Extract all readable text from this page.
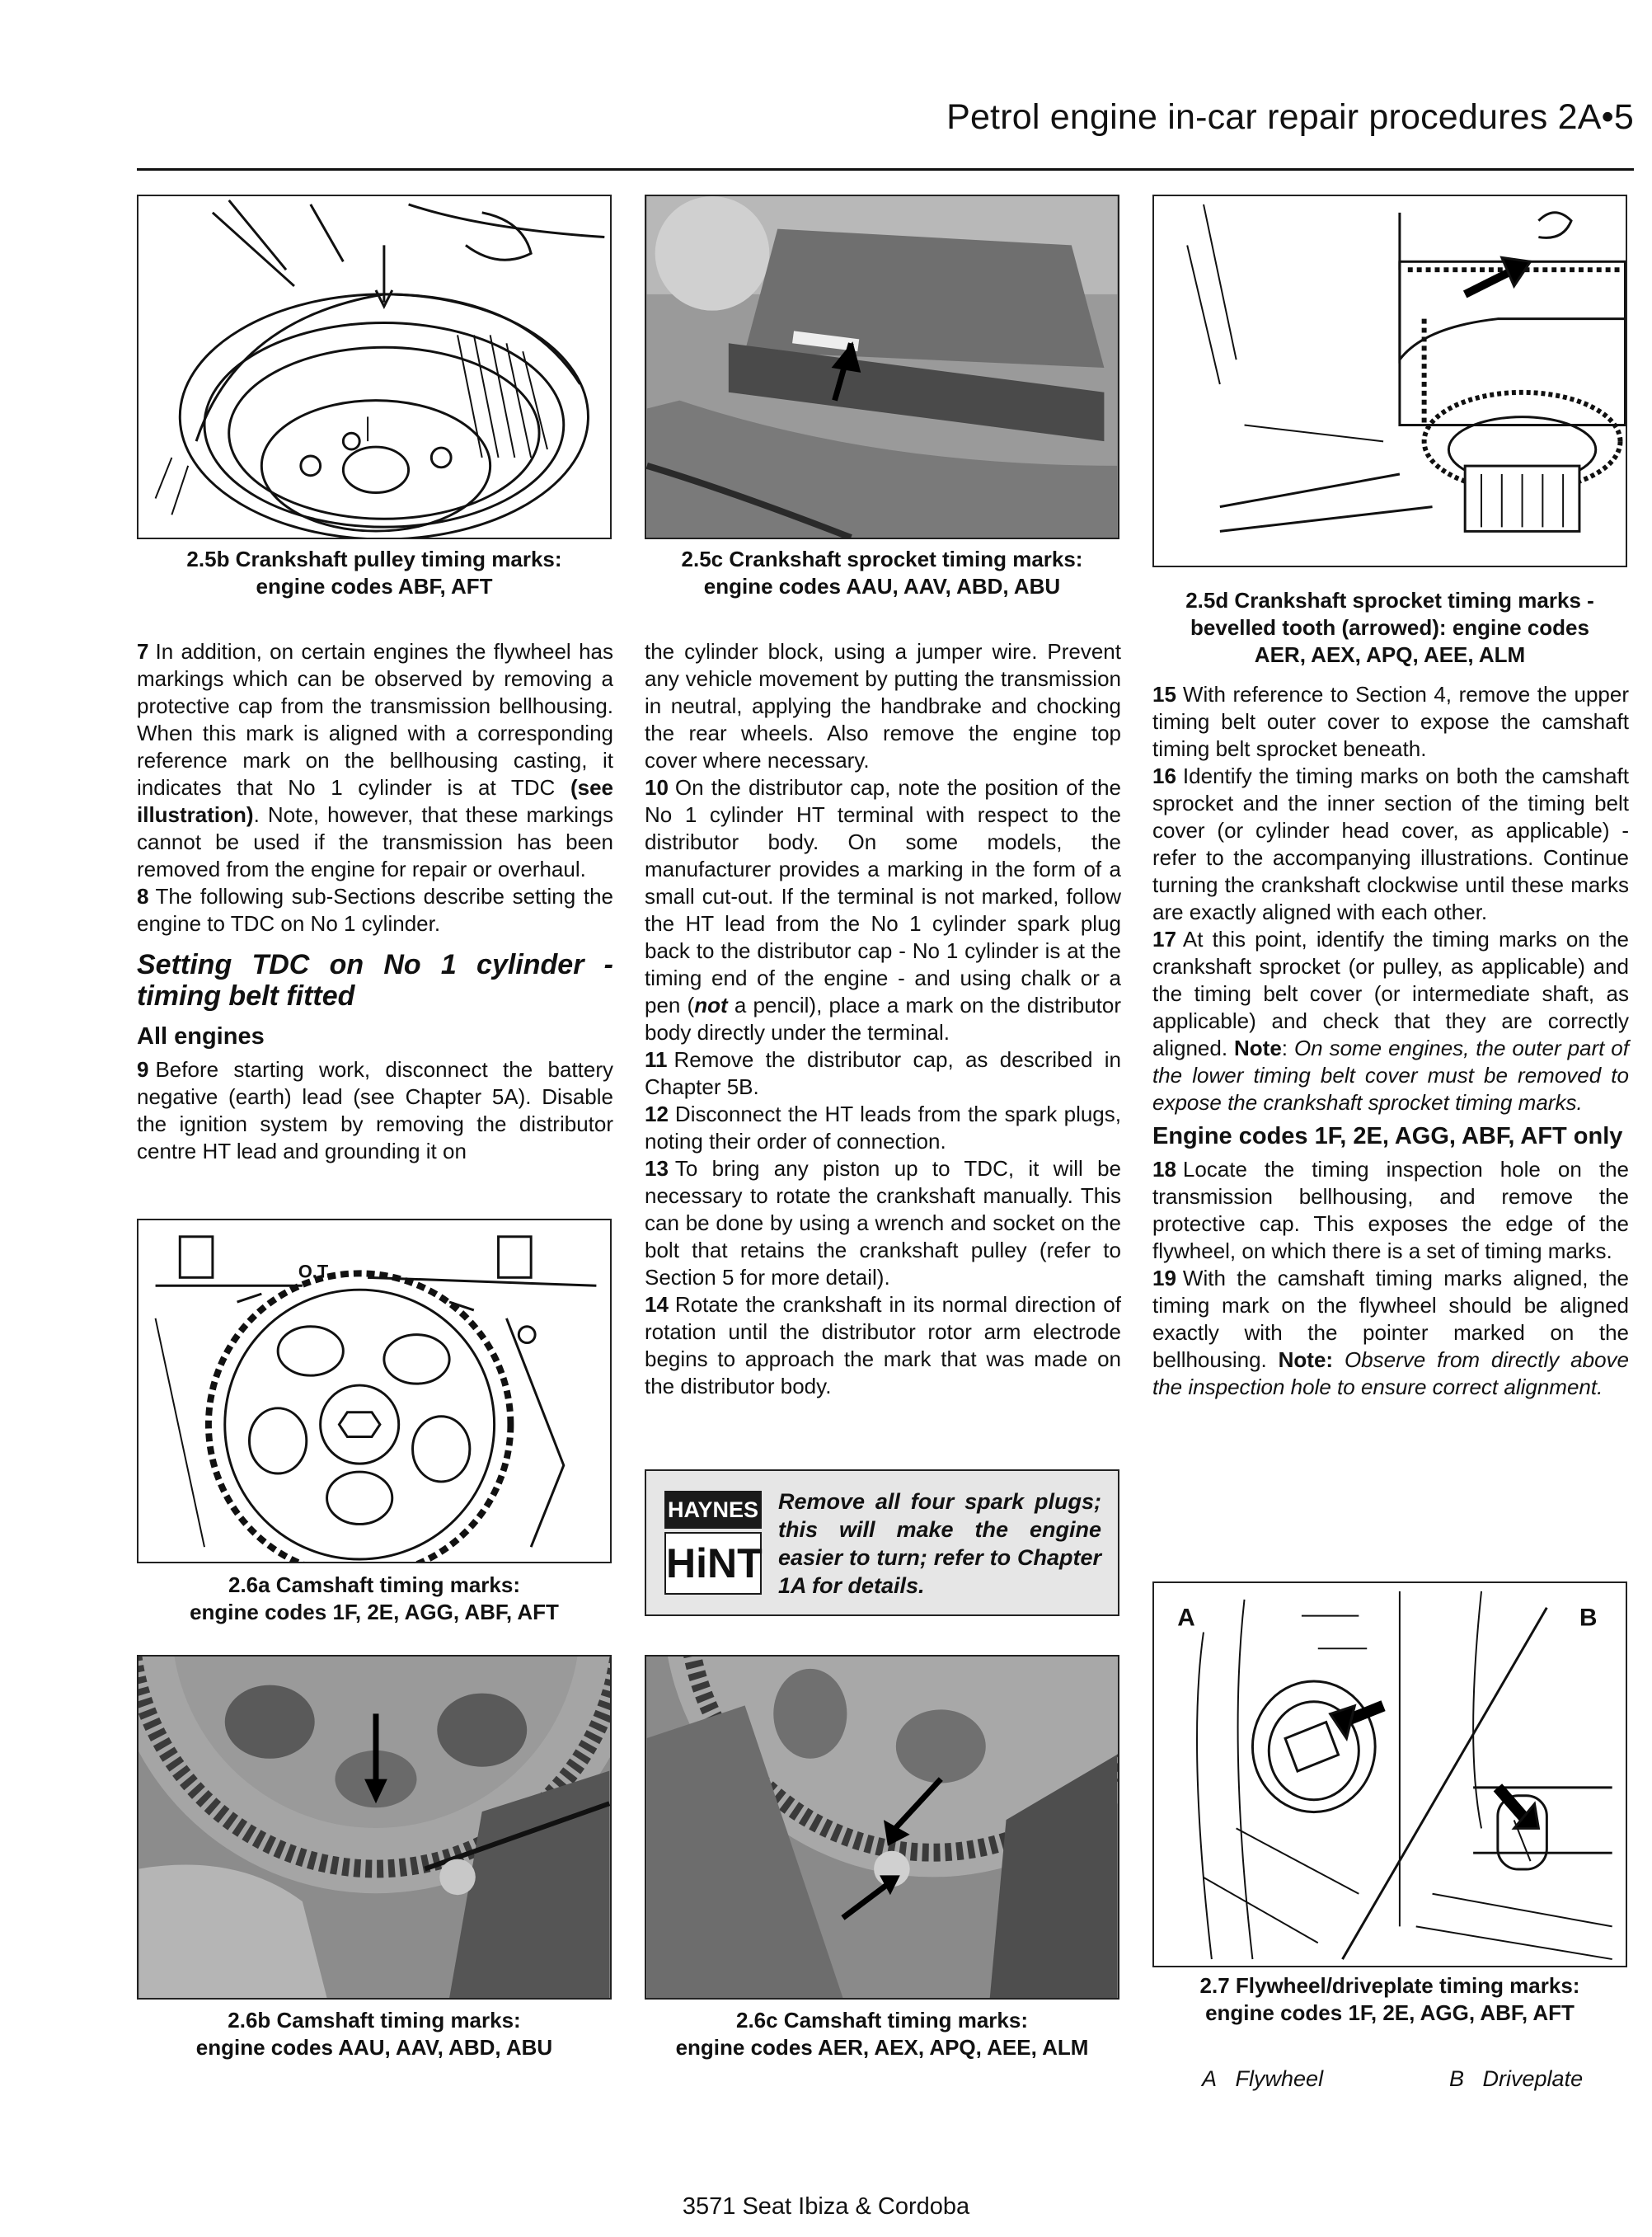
Petrol engine in-car repair procedures 2A•5
2.5b Crankshaft pulley timing marks:
engine codes ABF, AFT
2.5c Crankshaft sprocket timing marks:
engine codes AAU, AAV, ABD, ABU
2.5d Crankshaft sprocket timing marks -
bevelled tooth (arrowed): engine codes
AER, AEX, APQ, AEE, ALM

7 In addition, on certain engines the flywheel has markings which can be observed by removing a protective cap from the transmission bellhousing. When this mark is aligned with a corresponding reference mark on the bellhousing casting, it indicates that No 1 cylinder is at TDC (see illustration). Note, however, that these markings cannot be used if the transmission has been removed from the engine for repair or overhaul.

8 The following sub-Sections describe setting the engine to TDC on No 1 cylinder.

Setting TDC on No 1 cylinder - timing belt fitted
All engines

9 Before starting work, disconnect the battery negative (earth) lead (see Chapter 5A). Disable the ignition system by removing the distributor centre HT lead and grounding it on

O.T.
2.6a Camshaft timing marks:
engine codes 1F, 2E, AGG, ABF, AFT

the cylinder block, using a jumper wire. Prevent any vehicle movement by putting the transmission in neutral, applying the handbrake and chocking the rear wheels. Also remove the engine top cover where necessary.

10 On the distributor cap, note the position of the No 1 cylinder HT terminal with respect to the distributor body. On some models, the manufacturer provides a marking in the form of a small cut-out. If the terminal is not marked, follow the HT lead from the No 1 cylinder spark plug back to the distributor cap - No 1 cylinder is at the timing end of the engine - and using chalk or a pen (not a pencil), place a mark on the distributor body directly under the terminal.

11 Remove the distributor cap, as described in Chapter 5B.

12 Disconnect the HT leads from the spark plugs, noting their order of connection.

13 To bring any piston up to TDC, it will be necessary to rotate the crankshaft manually. This can be done by using a wrench and socket on the bolt that retains the crankshaft pulley (refer to Section 5 for more detail).

14 Rotate the crankshaft in its normal direction of rotation until the distributor rotor arm electrode begins to approach the mark that was made on the distributor body.

HAYNES
HiNT
Remove all four spark plugs; this will make the engine easier to turn; refer to Chapter 1A for details.

15 With reference to Section 4, remove the upper timing belt outer cover to expose the camshaft timing belt sprocket beneath.

16 Identify the timing marks on both the camshaft sprocket and the inner section of the timing belt cover (or cylinder head cover, as applicable) - refer to the accompanying illustrations. Continue turning the crankshaft clockwise until these marks are exactly aligned with each other.

17 At this point, identify the timing marks on the crankshaft sprocket (or pulley, as applicable) and the timing belt cover (or intermediate shaft, as applicable) and check that they are correctly aligned. Note: On some engines, the outer part of the lower timing belt cover must be removed to expose the crankshaft sprocket timing marks.

Engine codes 1F, 2E, AGG, ABF, AFT only

18 Locate the timing inspection hole on the transmission bellhousing, and remove the protective cap. This exposes the edge of the flywheel, on which there is a set of timing marks.

19 With the camshaft timing marks aligned, the timing mark on the flywheel should be aligned exactly with the pointer marked on the bellhousing. Note: Observe from directly above the inspection hole to ensure correct alignment.

A	B
2.7 Flywheel/driveplate timing marks:
engine codes 1F, 2E, AGG, ABF, AFT
A Flywheel	B Driveplate
2.6b Camshaft timing marks:
engine codes AAU, AAV, ABD, ABU
2.6c Camshaft timing marks:
engine codes AER, AEX, APQ, AEE, ALM
3571 Seat Ibiza & Cordoba
